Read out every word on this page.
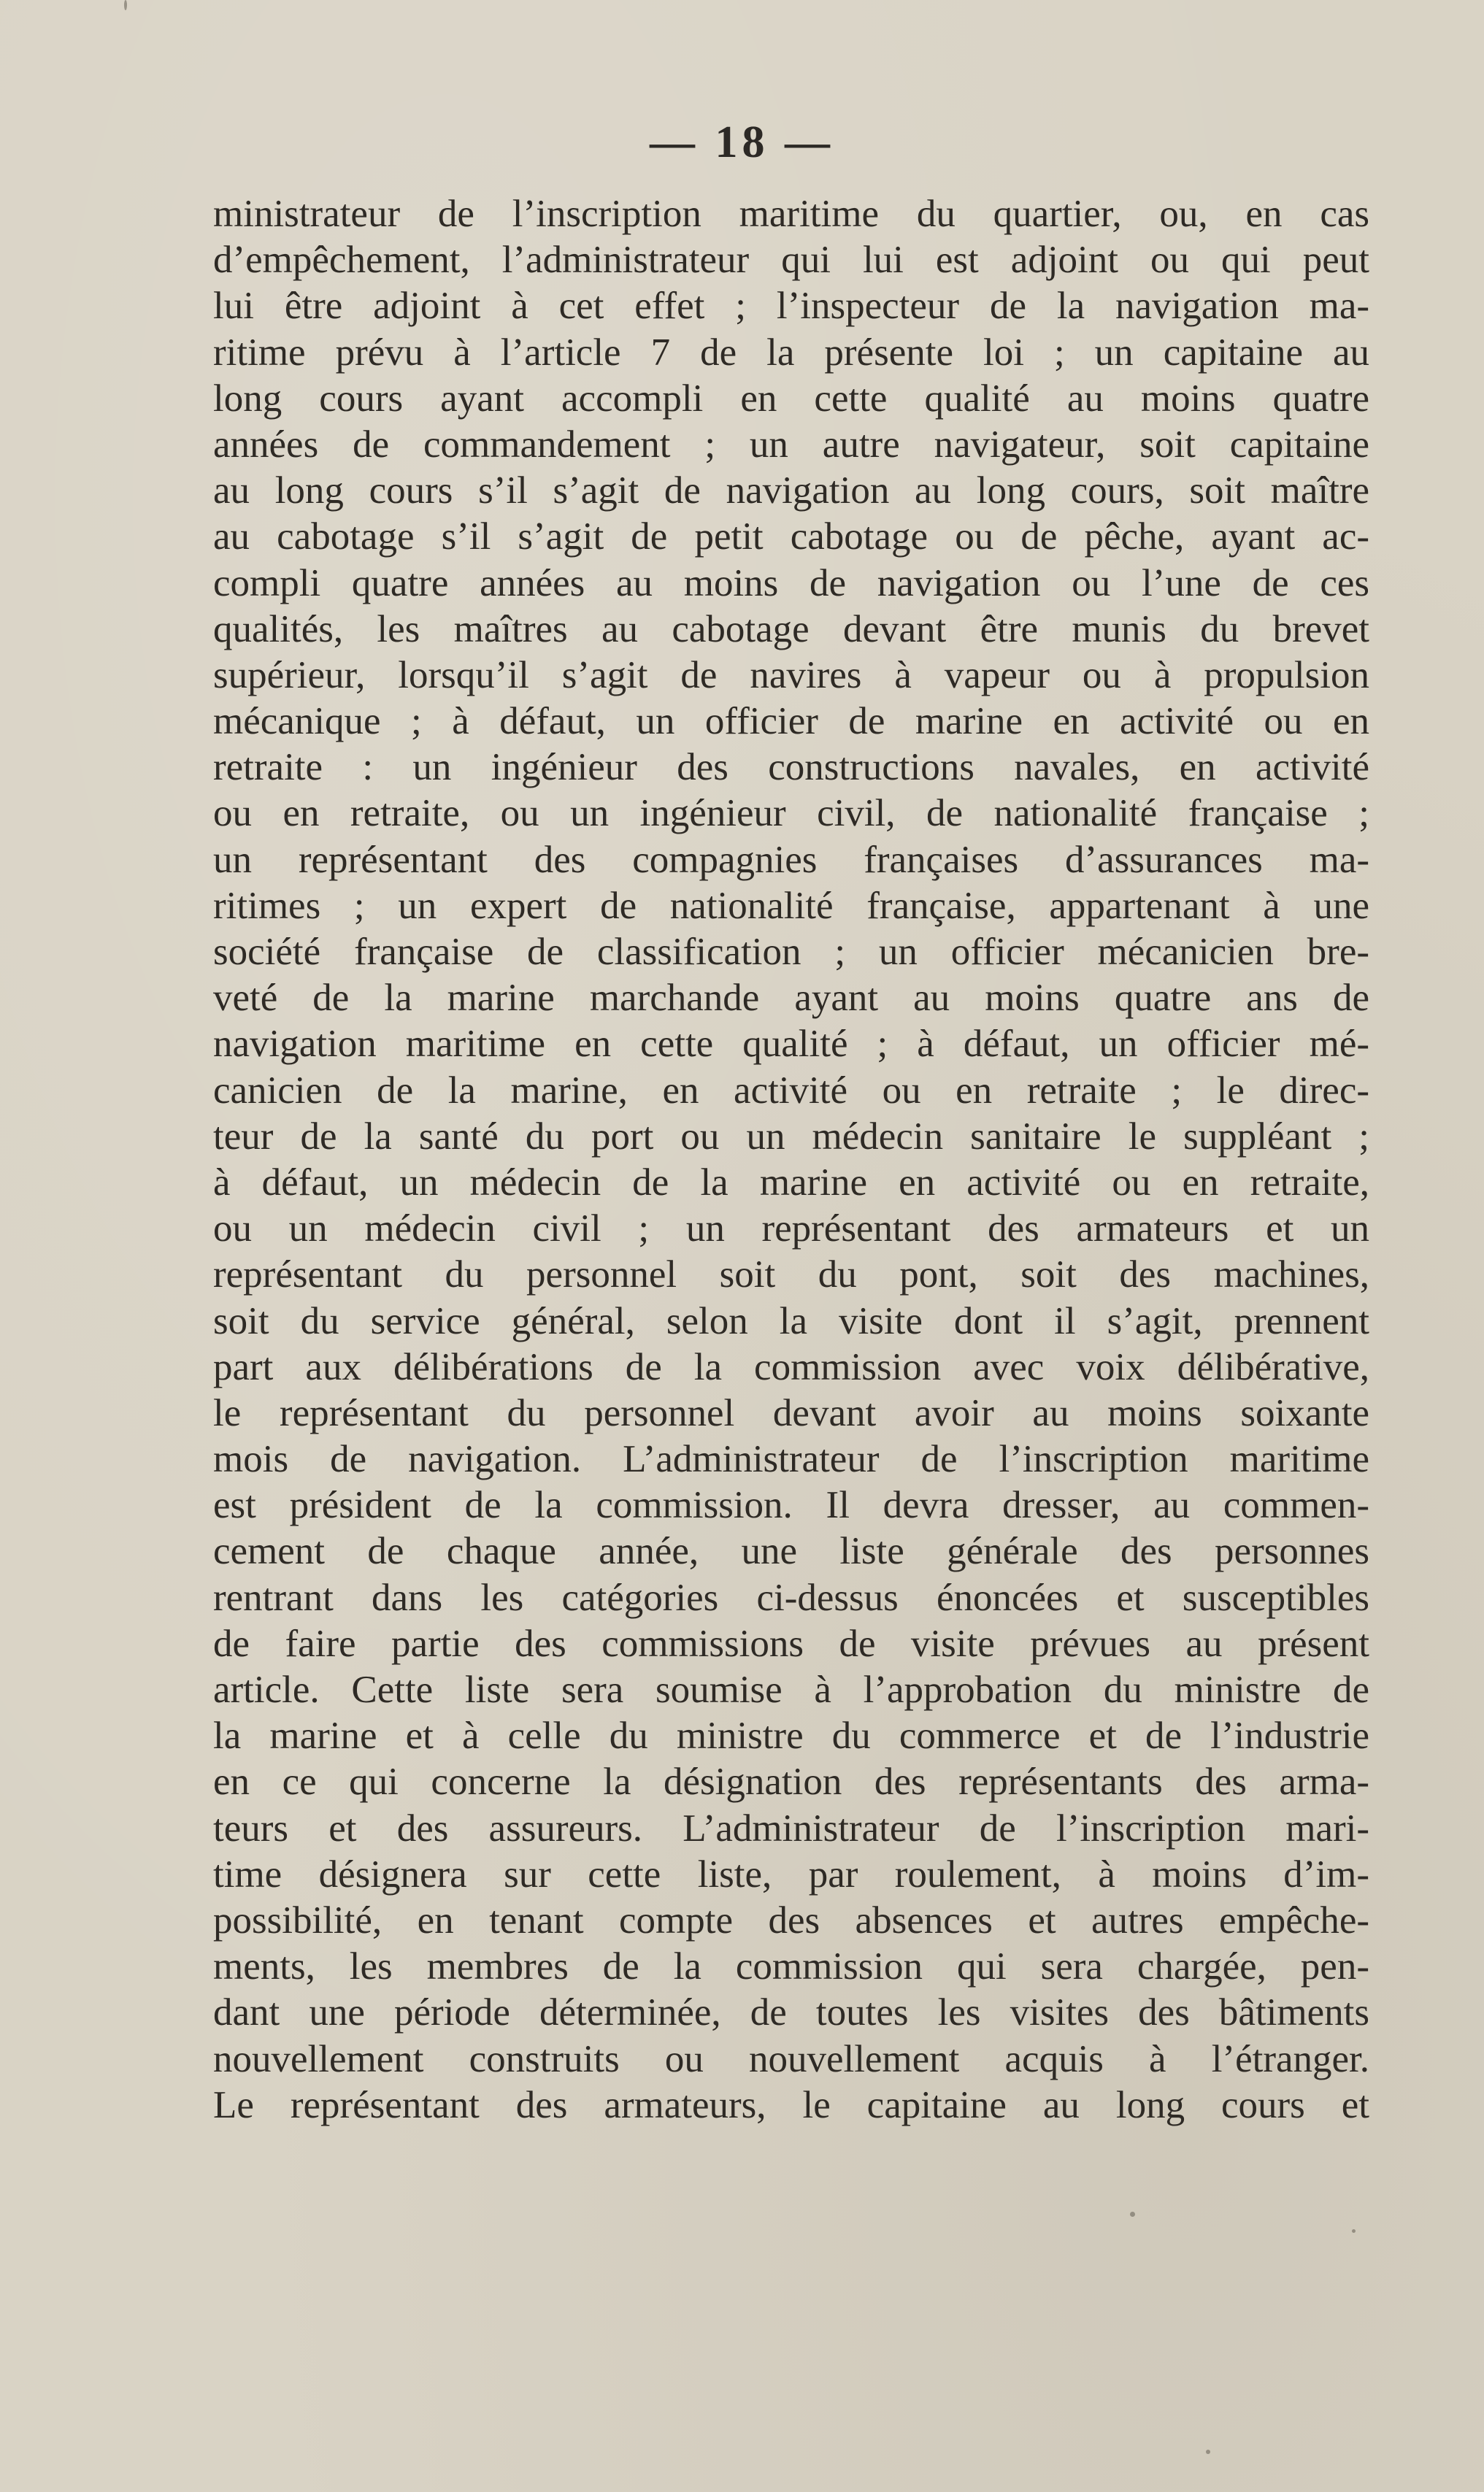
— 18 —
ministrateur de l’inscription maritime du quartier, ou, en cas
d’empêchement, l’administrateur qui lui est adjoint ou qui peut
lui être adjoint à cet effet ; l’inspecteur de la navigation ma-
ritime prévu à l’article 7 de la présente loi ; un capitaine au
long cours ayant accompli en cette qualité au moins quatre
années de commandement ; un autre navigateur, soit capitaine
au long cours s’il s’agit de navigation au long cours, soit maître
au cabotage s’il s’agit de petit cabotage ou de pêche, ayant ac-
compli quatre années au moins de navigation ou l’une de ces
qualités, les maîtres au cabotage devant être munis du brevet
supérieur, lorsqu’il s’agit de navires à vapeur ou à propulsion
mécanique ; à défaut, un officier de marine en activité ou en
retraite : un ingénieur des constructions navales, en activité
ou en retraite, ou un ingénieur civil, de nationalité française ;
un représentant des compagnies françaises d’assurances ma-
ritimes ; un expert de nationalité française, appartenant à une
société française de classification ; un officier mécanicien bre-
veté de la marine marchande ayant au moins quatre ans de
navigation maritime en cette qualité ; à défaut, un officier mé-
canicien de la marine, en activité ou en retraite ; le direc-
teur de la santé du port ou un médecin sanitaire le suppléant ;
à défaut, un médecin de la marine en activité ou en retraite,
ou un médecin civil ; un représentant des armateurs et un
représentant du personnel soit du pont, soit des machines,
soit du service général, selon la visite dont il s’agit, prennent
part aux délibérations de la commission avec voix délibérative,
le représentant du personnel devant avoir au moins soixante
mois de navigation. L’administrateur de l’inscription maritime
est président de la commission. Il devra dresser, au commen-
cement de chaque année, une liste générale des personnes
rentrant dans les catégories ci-dessus énoncées et susceptibles
de faire partie des commissions de visite prévues au présent
article. Cette liste sera soumise à l’approbation du ministre de
la marine et à celle du ministre du commerce et de l’industrie
en ce qui concerne la désignation des représentants des arma-
teurs et des assureurs. L’administrateur de l’inscription mari-
time désignera sur cette liste, par roulement, à moins d’im-
possibilité, en tenant compte des absences et autres empêche-
ments, les membres de la commission qui sera chargée, pen-
dant une période déterminée, de toutes les visites des bâtiments
nouvellement construits ou nouvellement acquis à l’étranger.
Le représentant des armateurs, le capitaine au long cours et
